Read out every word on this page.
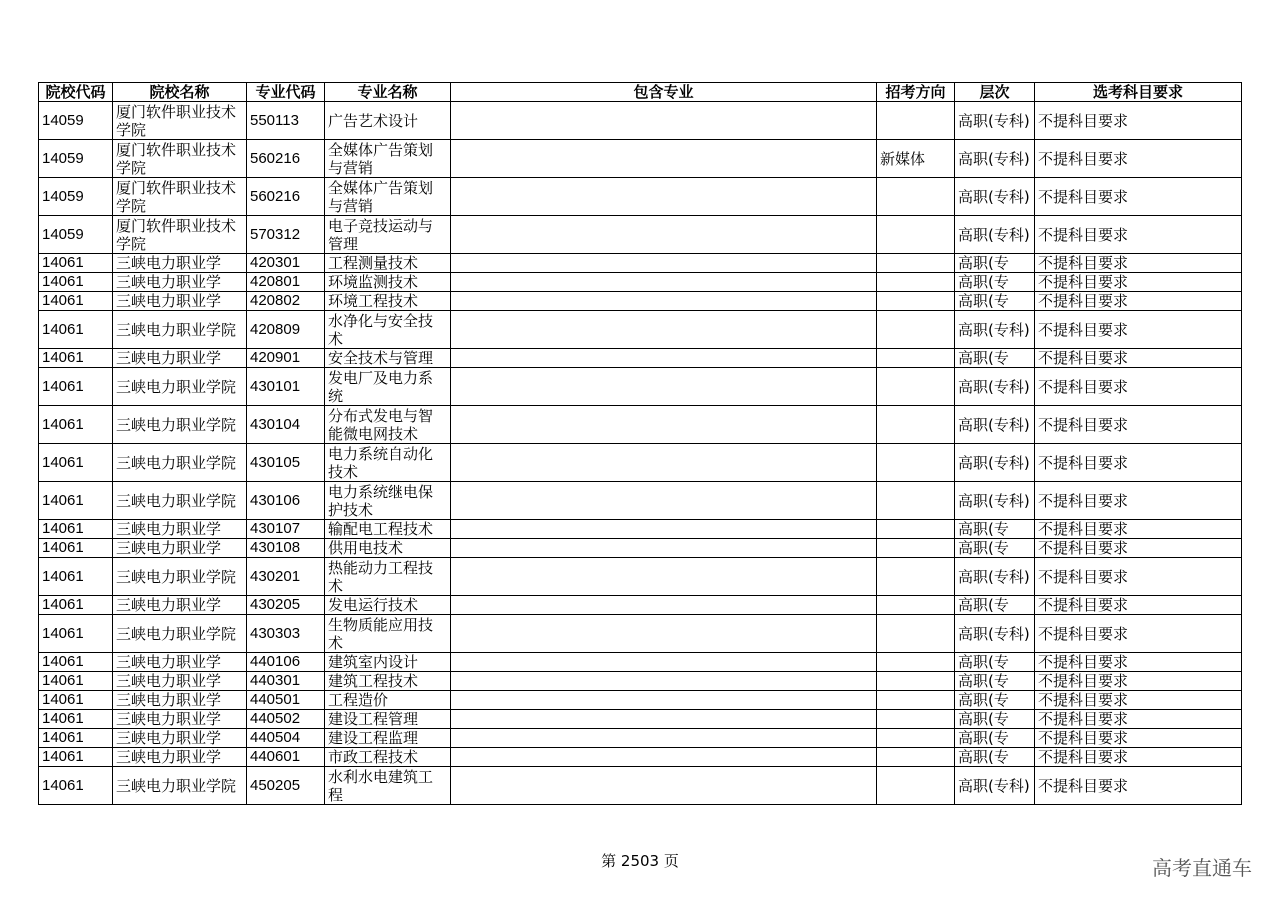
院校代码	院校名称	专业代码	专业名称	包含专业	招考方向	层次	选考科目要求
14059	厦门软件职业技术学院	550113	广告艺术设计			高职(专科)	不提科目要求
14059	厦门软件职业技术学院	560216	全媒体广告策划与营销		新媒体	高职(专科)	不提科目要求
14059	厦门软件职业技术学院	560216	全媒体广告策划与营销			高职(专科)	不提科目要求
14059	厦门软件职业技术学院	570312	电子竞技运动与管理			高职(专科)	不提科目要求
14061	三峡电力职业学	420301	工程测量技术			高职(专	不提科目要求
14061	三峡电力职业学	420801	环境监测技术			高职(专	不提科目要求
14061	三峡电力职业学	420802	环境工程技术			高职(专	不提科目要求
14061	三峡电力职业学院	420809	水净化与安全技术			高职(专科)	不提科目要求
14061	三峡电力职业学	420901	安全技术与管理			高职(专	不提科目要求
14061	三峡电力职业学院	430101	发电厂及电力系统			高职(专科)	不提科目要求
14061	三峡电力职业学院	430104	分布式发电与智能微电网技术			高职(专科)	不提科目要求
14061	三峡电力职业学院	430105	电力系统自动化技术			高职(专科)	不提科目要求
14061	三峡电力职业学院	430106	电力系统继电保护技术			高职(专科)	不提科目要求
14061	三峡电力职业学	430107	输配电工程技术			高职(专	不提科目要求
14061	三峡电力职业学	430108	供用电技术			高职(专	不提科目要求
14061	三峡电力职业学院	430201	热能动力工程技术			高职(专科)	不提科目要求
14061	三峡电力职业学	430205	发电运行技术			高职(专	不提科目要求
14061	三峡电力职业学院	430303	生物质能应用技术			高职(专科)	不提科目要求
14061	三峡电力职业学	440106	建筑室内设计			高职(专	不提科目要求
14061	三峡电力职业学	440301	建筑工程技术			高职(专	不提科目要求
14061	三峡电力职业学	440501	工程造价			高职(专	不提科目要求
14061	三峡电力职业学	440502	建设工程管理			高职(专	不提科目要求
14061	三峡电力职业学	440504	建设工程监理			高职(专	不提科目要求
14061	三峡电力职业学	440601	市政工程技术			高职(专	不提科目要求
14061	三峡电力职业学院	450205	水利水电建筑工程			高职(专科)	不提科目要求
第 2503 页	高考直通车
